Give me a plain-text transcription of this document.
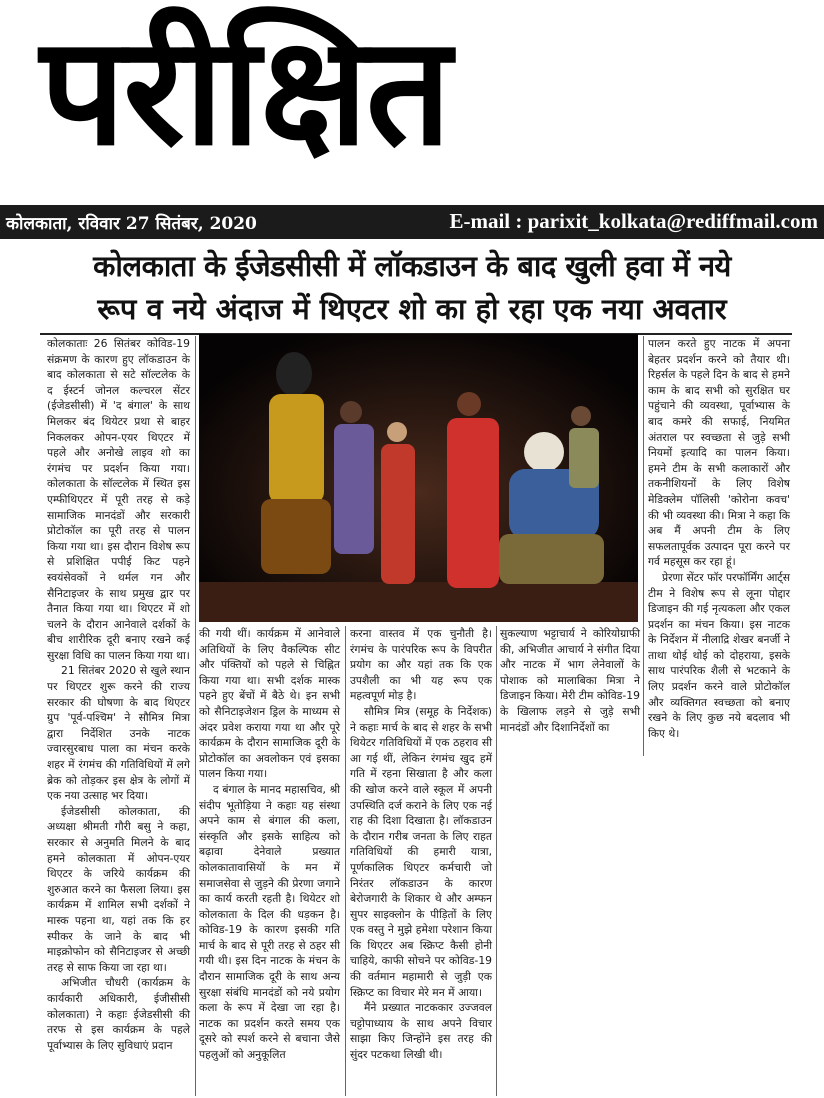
परीक्षित
कोलकाता, रविवार 27 सितंबर, 2020	E-mail : parixit_kolkata@rediffmail.com
कोलकाता के ईजेडसीसी में लॉकडाउन के बाद खुली हवा में नये
रूप व नये अंदाज में थिएटर शो का हो रहा एक नया अवतार

कोलकाताः 26 सितंबर कोविड-19 संक्रमण के कारण हुए लॉकडाउन के बाद कोलकाता से सटे सॉल्टलेक के द ईस्टर्न जोनल कल्चरल सेंटर (ईजेडसीसी) में 'द बंगाल' के साथ मिलकर बंद थियेटर प्रथा से बाहर निकलकर ओपन-एयर थिएटर में पहले और अनोखे लाइव शो का रंगमंच पर प्रदर्शन किया गया। कोलकाता के सॉल्टलेक में स्थित इस एम्फीथिएटर में पूरी तरह से कड़े सामाजिक मानदंडों और सरकारी प्रोटोकॉल का पूरी तरह से पालन किया गया था। इस दौरान विशेष रूप से प्रशिक्षित पपीई किट पहने स्वयंसेवकों ने थर्मल गन और सैनिटाइजर के साथ प्रमुख द्वार पर तैनात किया गया था। थिएटर में शो चलने के दौरान आनेवाले दर्शकों के बीच शारीरिक दूरी बनाए रखने कई सुरक्षा विधि का पालन किया गया था।

21 सितंबर 2020 से खुले स्थान पर थिएटर शुरू करने की राज्य सरकार की घोषणा के बाद थिएटर ग्रुप 'पूर्व-पश्चिम' ने सौमित्र मित्रा द्वारा निर्देशित उनके नाटक ज्वारसुरबाध पाला का मंचन करके शहर में रंगमंच की गतिविधियों में लगे ब्रेक को तोड़कर इस क्षेत्र के लोगों में एक नया उत्साह भर दिया।

ईजेडसीसी कोलकाता, की अध्यक्षा श्रीमती गौरी बसु ने कहा, सरकार से अनुमति मिलने के बाद हमने कोलकाता में ओपन-एयर थिएटर के जरिये कार्यक्रम की शुरुआत करने का फैसला लिया। इस कार्यक्रम में शामिल सभी दर्शकों ने मास्क पहना था, यहां तक कि हर स्पीकर के जाने के बाद भी माइक्रोफोन को सैनिटाइजर से अच्छी तरह से साफ किया जा रहा था।

अभिजीत चौधरी (कार्यक्रम के कार्यकारी अधिकारी, ईजीसीसी कोलकाता) ने कहाः ईजेडसीसी की तरफ से इस कार्यक्रम के पहले पूर्वाभ्यास के लिए सुविधाएं प्रदान

की गयी थीं। कार्यक्रम में आनेवाले अतिथियों के लिए वैकल्पिक सीट और पंक्तियों को पहले से चिह्नित किया गया था। सभी दर्शक मास्क पहने हुए बेंचों में बैठे थे। इन सभी को सैनिटाइजेशन ड्रिल के माध्यम से अंदर प्रवेश कराया गया था और पूरे कार्यक्रम के दौरान सामाजिक दूरी के प्रोटोकॉल का अवलोकन एवं इसका पालन किया गया।

द बंगाल के मानद महासचिव, श्री संदीप भूतोड़िया ने कहाः यह संस्था अपने काम से बंगाल की कला, संस्कृति और इसके साहित्य को बढ़ावा देनेवाले प्रख्यात कोलकातावासियों के मन में समाजसेवा से जुड़ने की प्रेरणा जगाने का कार्य करती रहती है। थियेटर शो कोलकाता के दिल की धड़कन है। कोविड-19 के कारण इसकी गति मार्च के बाद से पूरी तरह से ठहर सी गयी थी। इस दिन नाटक के मंचन के दौरान सामाजिक दूरी के साथ अन्य सुरक्षा संबंधि मानदंडों को नये प्रयोग कला के रूप में देखा जा रहा है। नाटक का प्रदर्शन करते समय एक दूसरे को स्पर्श करने से बचाना जैसे पहलुओं को अनुकूलित

करना वास्तव में एक चुनौती है। रंगमंच के पारंपरिक रूप के विपरीत प्रयोग का और यहां तक कि एक उपशैली का भी यह रूप एक महत्वपूर्ण मोड़ है।

सौमित्र मित्र (समूह के निर्देशक) ने कहाः मार्च के बाद से शहर के सभी थियेटर गतिविधियों में एक ठहराव सी आ गई थीं, लेकिन रंगमंच खुद हमें गति में रहना सिखाता है और कला की खोज करने वाले स्कूल में अपनी उपस्थिति दर्ज कराने के लिए एक नई राह की दिशा दिखाता है। लॉकडाउन के दौरान गरीब जनता के लिए राहत गतिविधियों की हमारी यात्रा, पूर्णकालिक थिएटर कर्मचारी जो निरंतर लॉकडाउन के कारण बेरोजगारी के शिकार थे और अम्फन सुपर साइक्लोन के पीड़ितों के लिए एक वस्तु ने मुझे हमेशा परेशान किया कि थिएटर अब स्क्रिप्ट कैसी होनी चाहिये, काफी सोचने पर कोविड-19 की वर्तमान महामारी से जुड़ी एक स्क्रिप्ट का विचार मेरे मन में आया।

मैंने प्रख्यात नाटककार उज्जवल चट्टोपाध्याय के साथ अपने विचार साझा किए जिन्होंने इस तरह की सुंदर पटकथा लिखी थी।

सुकल्याण भट्टाचार्य ने कोरियोग्राफी की, अभिजीत आचार्य ने संगीत दिया और नाटक में भाग लेनेवालों के पोशाक को मालाबिका मित्रा ने डिजाइन किया। मेरी टीम कोविड-19 के खिलाफ लड़ने से जुड़े सभी मानदंडों और दिशानिर्देशों का

पालन करते हुए नाटक में अपना बेहतर प्रदर्शन करने को तैयार थी। रिहर्सल के पहले दिन के बाद से हमने काम के बाद सभी को सुरक्षित घर पहुंचाने की व्यवस्था, पूर्वाभ्यास के बाद कमरे की सफाई, नियमित अंतराल पर स्वच्छता से जुड़े सभी नियमों इत्यादि का पालन किया। हमने टीम के सभी कलाकारों और तकनीशियनों के लिए विशेष मेडिक्लेम पॉलिसी 'कोरोना कवच' की भी व्यवस्था की। मित्रा ने कहा कि अब मैं अपनी टीम के लिए सफलतापूर्वक उत्पादन पूरा करने पर गर्व महसूस कर रहा हूं।

प्रेरणा सेंटर फॉर परफॉर्मिंग आर्ट्स टीम ने विशेष रूप से लूना पोद्दार डिजाइन की गई नृत्यकला और एकल प्रदर्शन का मंचन किया। इस नाटक के निर्देशन में नीलाद्रि शेखर बनर्जी ने ताथा थोई थोई को दोहराया, इसके साथ पारंपरिक शैली से भटकाने के लिए प्रदर्शन करने वाले प्रोटोकॉल और व्यक्तिगत स्वच्छता को बनाए रखने के लिए कुछ नये बदलाव भी किए थे।
